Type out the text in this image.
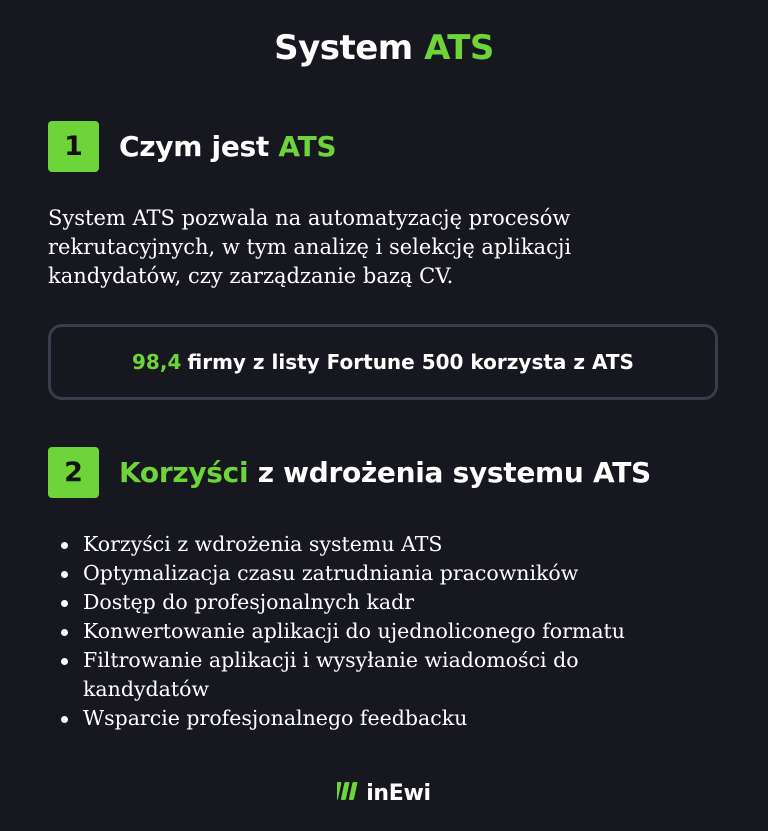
System ATS
1	Czym jest ATS
System ATS pozwala na automatyzację procesów
rekrutacyjnych, w tym analizę i selekcję aplikacji
kandydatów, czy zarządzanie bazą CV.
98,4 firmy z listy Fortune 500 korzysta z ATS
2	Korzyści z wdrożenia systemu ATS
Korzyści z wdrożenia systemu ATS
Optymalizacja czasu zatrudniania pracowników
Dostęp do profesjonalnych kadr
Konwertowanie aplikacji do ujednoliconego formatu
Filtrowanie aplikacji i wysyłanie wiadomości do kandydatów
Wsparcie profesjonalnego feedbacku
inEwi
